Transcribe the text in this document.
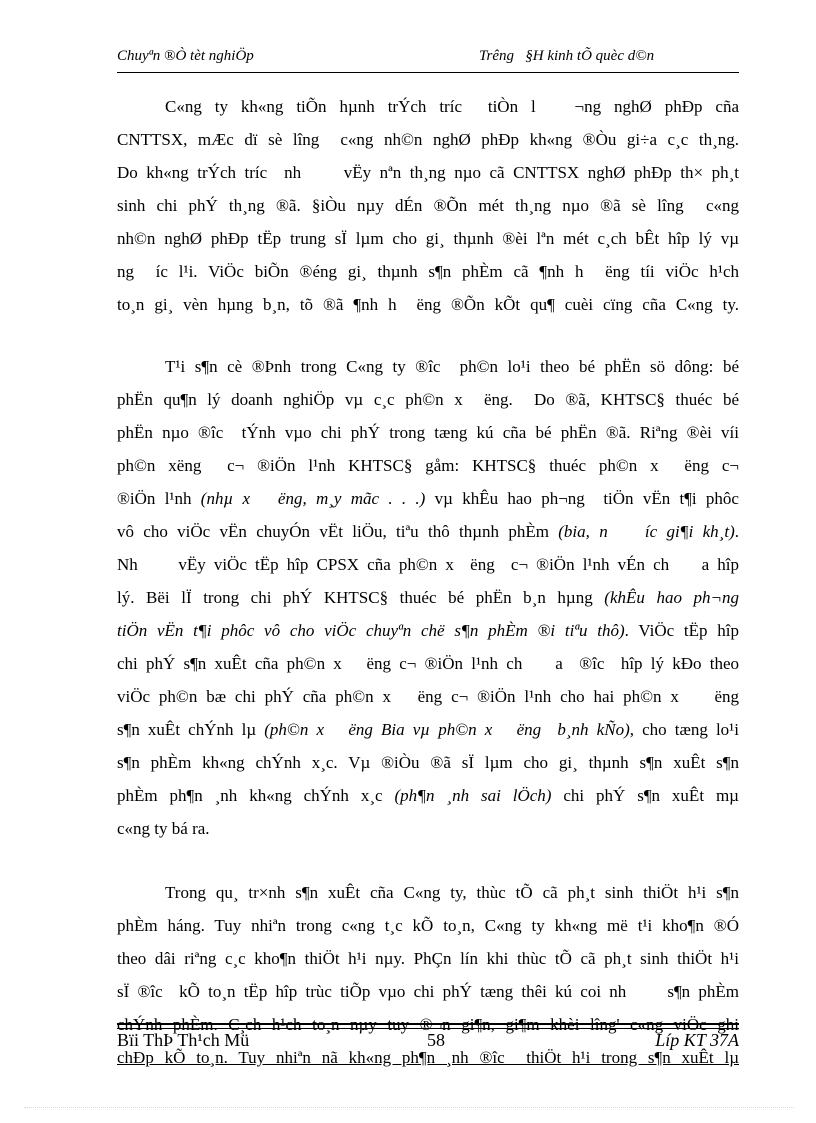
Chuyªn ®Ò tèt nghiÖp	Trêng   §H kinh tÕ quèc d©n
C«ng ty kh«ng tiÕn hµnh trÝch tríc  tiÒn l   ¬ng nghØ phÐp cña
CNTTSX, mÆc dï sè lîng  c«ng nh©n nghØ phÐp kh«ng ®Òu gi÷a c¸c th¸ng.
Do kh«ng trÝch tríc  nh     vËy nªn th¸ng nµo cã CNTTSX nghØ phÐp th× ph¸t
sinh chi phÝ th¸ng ®ã. §iÒu nµy dÉn ®Õn mét th¸ng nµo ®ã sè lîng  c«ng
nh©n nghØ phÐp tËp trung sÏ lµm cho gi¸ thµnh ®èi lªn mét c¸ch bÊt hîp lý vµ
ng  íc l¹i. ViÖc biÕn ®éng gi¸ thµnh s¶n phÈm cã ¶nh h  ëng tíi viÖc h¹ch
to¸n gi¸ vèn hµng b¸n, tõ ®ã ¶nh h  ëng ®Õn kÕt qu¶ cuèi cïng cña C«ng ty.

T¹i s¶n cè ®Þnh trong C«ng ty ®îc  ph©n lo¹i theo bé phËn sö dông: bé
phËn qu¶n lý doanh nghiÖp vµ c¸c ph©n x  ëng.  Do ®ã, KHTSC§ thuéc bé
phËn nµo ®îc  tÝnh vµo chi phÝ trong tæng kú cña bé phËn ®ã. Riªng ®èi víi
ph©n xëng  c¬ ®iÖn l¹nh KHTSC§ gåm: KHTSC§ thuéc ph©n x  ëng c¬
®iÖn l¹nh (nhµ x   ëng, m¸y mãc . . .) vµ khÊu hao ph¬ng  tiÖn vËn t¶i phôc
vô cho viÖc vËn chuyÓn vËt liÖu, tiªu thô thµnh phÈm (bia, n    íc gi¶i kh¸t).
Nh     vËy viÖc tËp hîp CPSX cña ph©n x  ëng  c¬ ®iÖn l¹nh vÉn ch    a hîp
lý. Bëi lÏ trong chi phÝ KHTSC§ thuéc bé phËn b¸n hµng (khÊu hao ph¬ng
tiÖn vËn t¶i phôc vô cho viÖc chuyªn chë s¶n phÈm ®i tiªu thô). ViÖc tËp hîp
chi phÝ s¶n xuÊt cña ph©n x   ëng c¬ ®iÖn l¹nh ch    a  ®îc  hîp lý kÐo theo
viÖc ph©n bæ chi phÝ cña ph©n x   ëng c¬ ®iÖn l¹nh cho hai ph©n x    ëng
s¶n xuÊt chÝnh lµ (ph©n x   ëng Bia vµ ph©n x   ëng  b¸nh kÑo), cho tæng lo¹i
s¶n phÈm kh«ng chÝnh x¸c. Vµ ®iÒu ®ã sÏ lµm cho gi¸ thµnh s¶n xuÊt s¶n
phÈm ph¶n ¸nh kh«ng chÝnh x¸c (ph¶n ¸nh sai lÖch) chi phÝ s¶n xuÊt mµ
c«ng ty bá ra.

Trong qu¸ tr×nh s¶n xuÊt cña C«ng ty, thùc tÕ cã ph¸t sinh thiÖt h¹i s¶n
phÈm háng. Tuy nhiªn trong c«ng t¸c kÕ to¸n, C«ng ty kh«ng më t¹i kho¶n ®Ó
theo dâi riªng c¸c kho¶n thiÖt h¹i nµy. PhÇn lín khi thùc tÕ cã ph¸t sinh thiÖt h¹i
sÏ ®îc  kÕ to¸n tËp hîp trùc tiÕp vµo chi phÝ tæng thêi kú coi nh     s¶n phÈm
chÝnh phÈm. C¸ch h¹ch to¸n nµy tuy ®¬n gi¶n, gi¶m khèi lîng' c«ng viÖc ghi
chÐp kÕ to¸n. Tuy nhiªn nã kh«ng ph¶n ¸nh ®îc  thiÖt h¹i trong s¶n xuÊt lµ
Bïi ThÞ Th¹ch Mü	58	Líp KT 37A
